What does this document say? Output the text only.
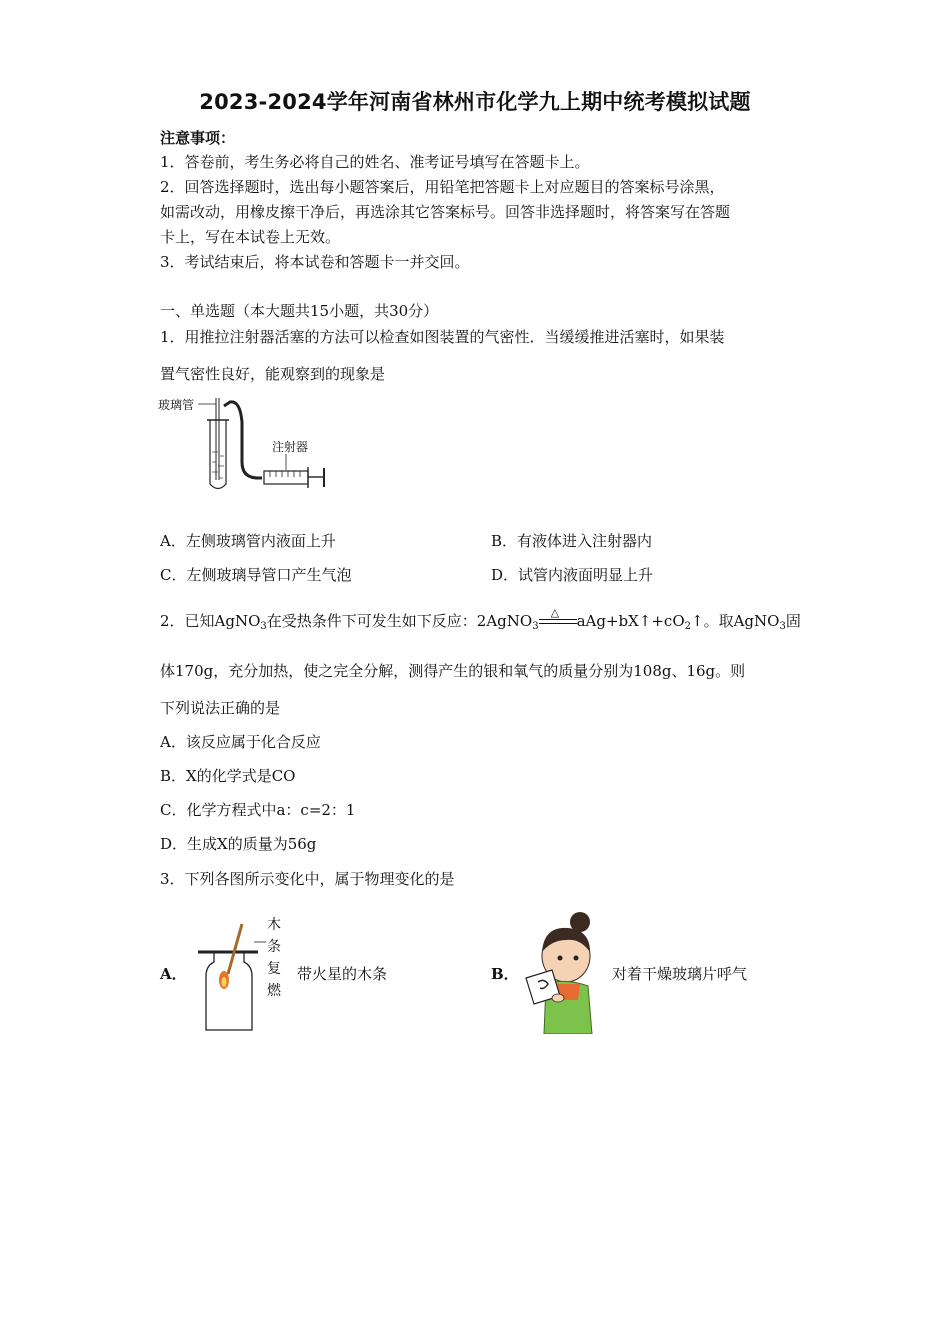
2023-2024学年河南省林州市化学九上期中统考模拟试题
注意事项：
1．答卷前，考生务必将自己的姓名、准考证号填写在答题卡上。
2．回答选择题时，选出每小题答案后，用铅笔把答题卡上对应题目的答案标号涂黑，
如需改动，用橡皮擦干净后，再选涂其它答案标号。回答非选择题时，将答案写在答题
卡上，写在本试卷上无效。
3．考试结束后，将本试卷和答题卡一并交回。
一、单选题（本大题共15小题，共30分）
1．用推拉注射器活塞的方法可以检查如图装置的气密性．当缓缓推进活塞时，如果装
置气密性良好，能观察到的现象是
玻璃管
注射器
A．左侧玻璃管内液面上升	B．有液体进入注射器内
C．左侧玻璃导管口产生气泡	D．试管内液面明显上升
2．已知AgNO$_3$在受热条件下可发生如下反应：2AgNO$_3$
△ $aAg+bX↑+cO_2↑$。取AgNO$_3$固
体170g，充分加热，使之完全分解，测得产生的银和氧气的质量分别为108g、16g。则
下列说法正确的是
A．该反应属于化合反应
B．X的化学式是CO
C．化学方程式中a：c=2：1
D．生成X的质量为56g
3．下列各图所示变化中，属于物理变化的是
A．
木
条
复
燃
带火星的木条	B．	对着干燥玻璃片呼气
